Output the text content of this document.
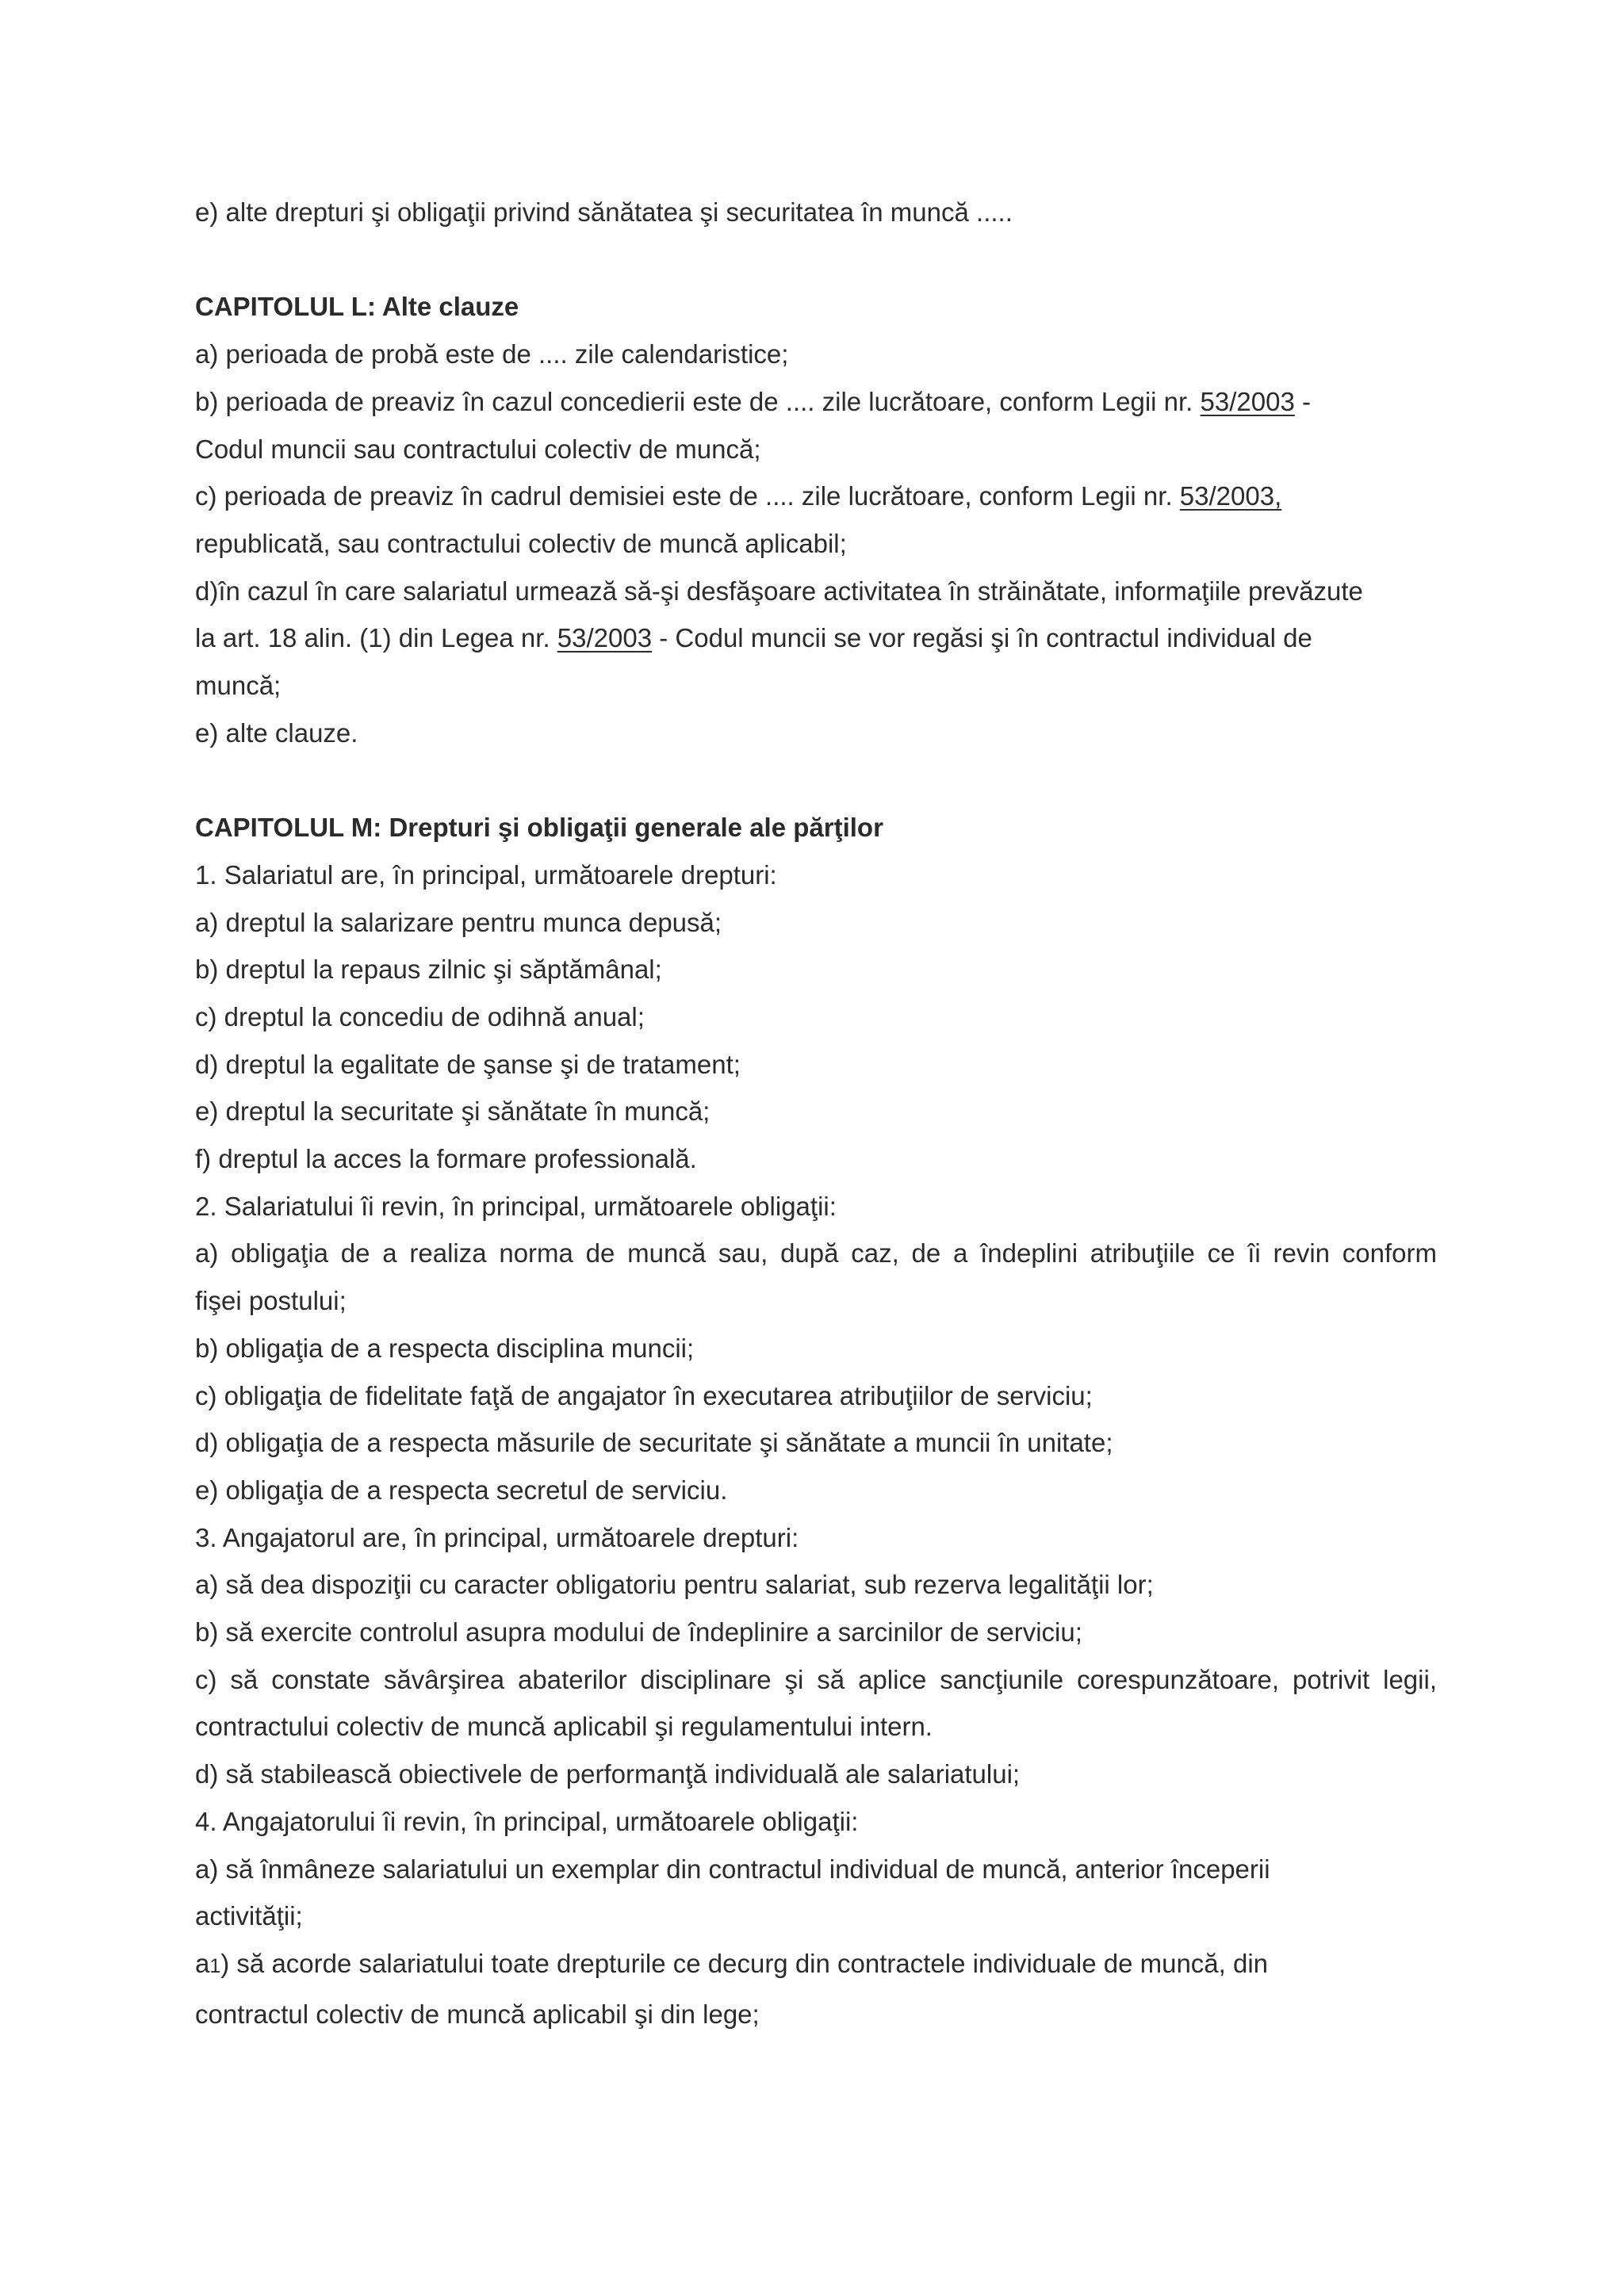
e) alte drepturi şi obligaţii privind sănătatea şi securitatea în muncă .....
CAPITOLUL L: Alte clauze
a) perioada de probă este de .... zile calendaristice;
b) perioada de preaviz în cazul concedierii este de .... zile lucrătoare, conform Legii nr. 53/2003 -
Codul muncii sau contractului colectiv de muncă;
c) perioada de preaviz în cadrul demisiei este de .... zile lucrătoare, conform Legii nr. 53/2003,
republicată, sau contractului colectiv de muncă aplicabil;
d)în cazul în care salariatul urmează să-şi desfăşoare activitatea în străinătate, informaţiile prevăzute
la art. 18 alin. (1) din Legea nr. 53/2003 - Codul muncii se vor regăsi şi în contractul individual de
muncă;
e) alte clauze.
CAPITOLUL M: Drepturi şi obligaţii generale ale părţilor
1. Salariatul are, în principal, următoarele drepturi:
a) dreptul la salarizare pentru munca depusă;
b) dreptul la repaus zilnic şi săptămânal;
c) dreptul la concediu de odihnă anual;
d) dreptul la egalitate de şanse şi de tratament;
e) dreptul la securitate şi sănătate în muncă;
f) dreptul la acces la formare professională.
2. Salariatului îi revin, în principal, următoarele obligaţii:
a) obligaţia de a realiza norma de muncă sau, după caz, de a îndeplini atribuţiile ce îi revin conform
fişei postului;
b) obligaţia de a respecta disciplina muncii;
c) obligaţia de fidelitate faţă de angajator în executarea atribuţiilor de serviciu;
d) obligaţia de a respecta măsurile de securitate şi sănătate a muncii în unitate;
e) obligaţia de a respecta secretul de serviciu.
3. Angajatorul are, în principal, următoarele drepturi:
a) să dea dispoziţii cu caracter obligatoriu pentru salariat, sub rezerva legalităţii lor;
b) să exercite controlul asupra modului de îndeplinire a sarcinilor de serviciu;
c) să constate săvârşirea abaterilor disciplinare şi să aplice sancţiunile corespunzătoare, potrivit legii,
contractului colectiv de muncă aplicabil şi regulamentului intern.
d) să stabilească obiectivele de performanţă individuală ale salariatului;
4. Angajatorului îi revin, în principal, următoarele obligaţii:
a) să înmâneze salariatului un exemplar din contractul individual de muncă, anterior începerii
activităţii;
a1) să acorde salariatului toate drepturile ce decurg din contractele individuale de muncă, din
contractul colectiv de muncă aplicabil şi din lege;
